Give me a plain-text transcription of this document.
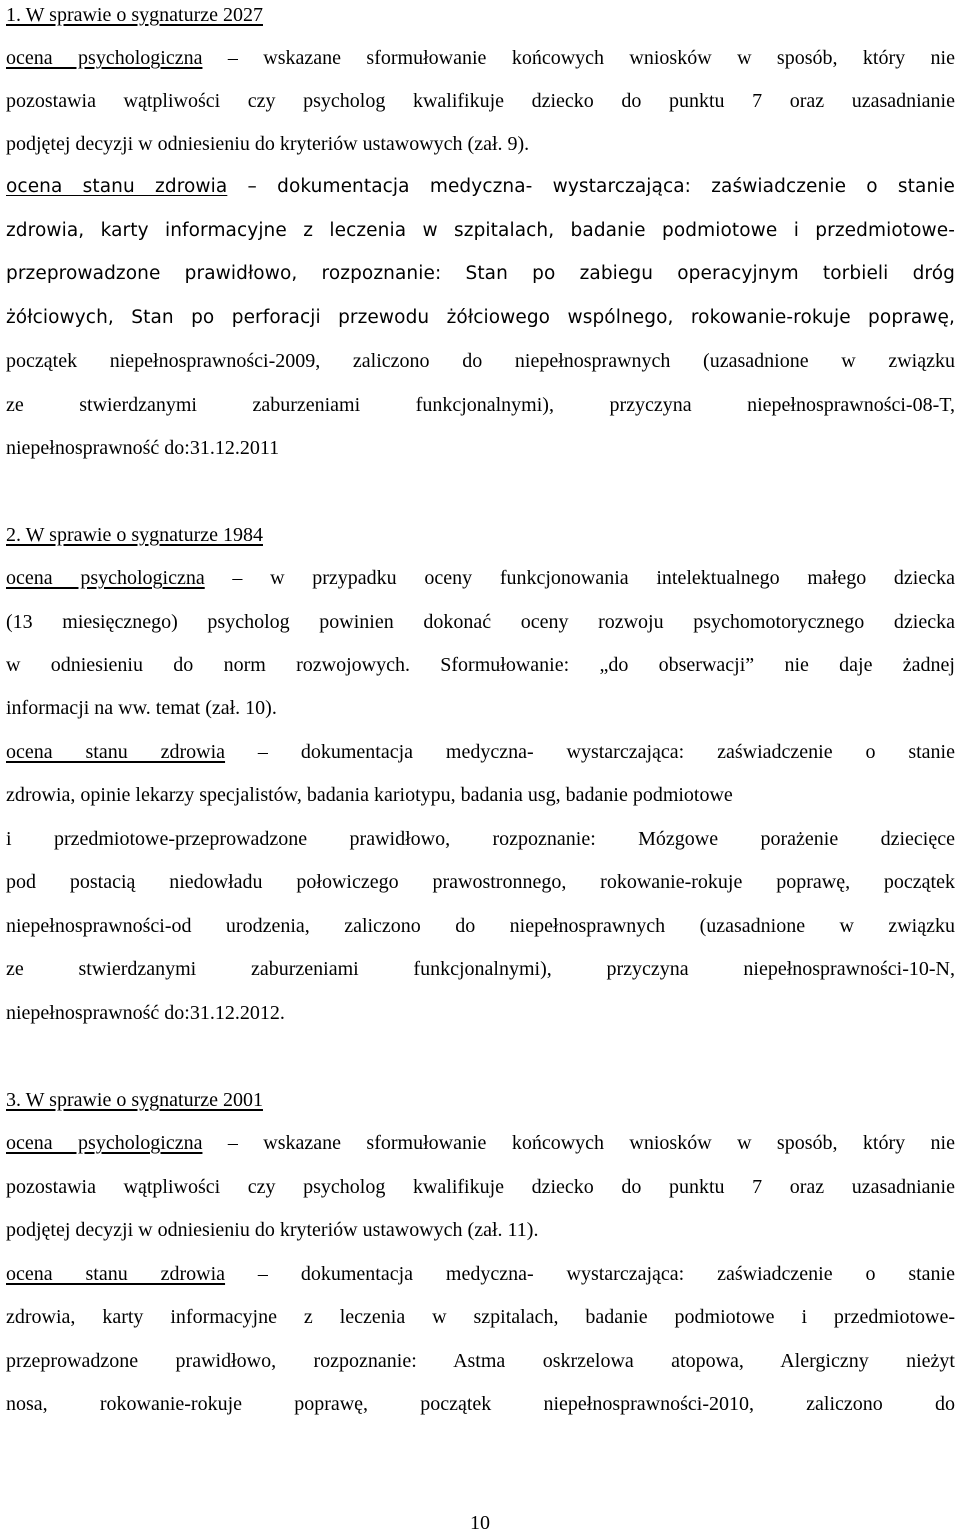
1. W sprawie o sygnaturze 2027
ocena psychologiczna – wskazane sformułowanie końcowych wniosków w sposób, który nie
pozostawia wątpliwości czy psycholog kwalifikuje dziecko do punktu 7 oraz uzasadnianie
podjętej decyzji w odniesieniu do kryteriów ustawowych (zał. 9).
ocena stanu zdrowia – dokumentacja medyczna- wystarczająca: zaświadczenie o stanie
zdrowia, karty informacyjne z leczenia w szpitalach, badanie podmiotowe i przedmiotowe-
przeprowadzone prawidłowo, rozpoznanie: Stan po zabiegu operacyjnym torbieli dróg
żółciowych, Stan po perforacji przewodu żółciowego wspólnego, rokowanie-rokuje poprawę,
początek niepełnosprawności-2009, zaliczono do niepełnosprawnych (uzasadnione w związku
ze stwierdzanymi zaburzeniami funkcjonalnymi), przyczyna niepełnosprawności-08-T,
niepełnosprawność do:31.12.2011
2. W sprawie o sygnaturze 1984
ocena psychologiczna – w przypadku oceny funkcjonowania intelektualnego małego dziecka
(13 miesięcznego) psycholog powinien dokonać oceny rozwoju psychomotorycznego dziecka
w odniesieniu do norm rozwojowych. Sformułowanie: „do obserwacji” nie daje żadnej
informacji na ww. temat (zał. 10).
ocena stanu zdrowia – dokumentacja medyczna- wystarczająca: zaświadczenie o stanie
zdrowia, opinie lekarzy specjalistów, badania kariotypu, badania usg, badanie podmiotowe
i przedmiotowe-przeprowadzone prawidłowo, rozpoznanie: Mózgowe porażenie dziecięce
pod postacią niedowładu połowiczego prawostronnego, rokowanie-rokuje poprawę, początek
niepełnosprawności-od urodzenia, zaliczono do niepełnosprawnych (uzasadnione w związku
ze stwierdzanymi zaburzeniami funkcjonalnymi), przyczyna niepełnosprawności-10-N,
niepełnosprawność do:31.12.2012.
3. W sprawie o sygnaturze 2001
ocena psychologiczna – wskazane sformułowanie końcowych wniosków w sposób, który nie
pozostawia wątpliwości czy psycholog kwalifikuje dziecko do punktu 7 oraz uzasadnianie
podjętej decyzji w odniesieniu do kryteriów ustawowych (zał. 11).
ocena stanu zdrowia – dokumentacja medyczna- wystarczająca: zaświadczenie o stanie
zdrowia, karty informacyjne z leczenia w szpitalach, badanie podmiotowe i przedmiotowe-
przeprowadzone prawidłowo, rozpoznanie: Astma oskrzelowa atopowa, Alergiczny nieżyt
nosa, rokowanie-rokuje poprawę, początek niepełnosprawności-2010, zaliczono do
10
